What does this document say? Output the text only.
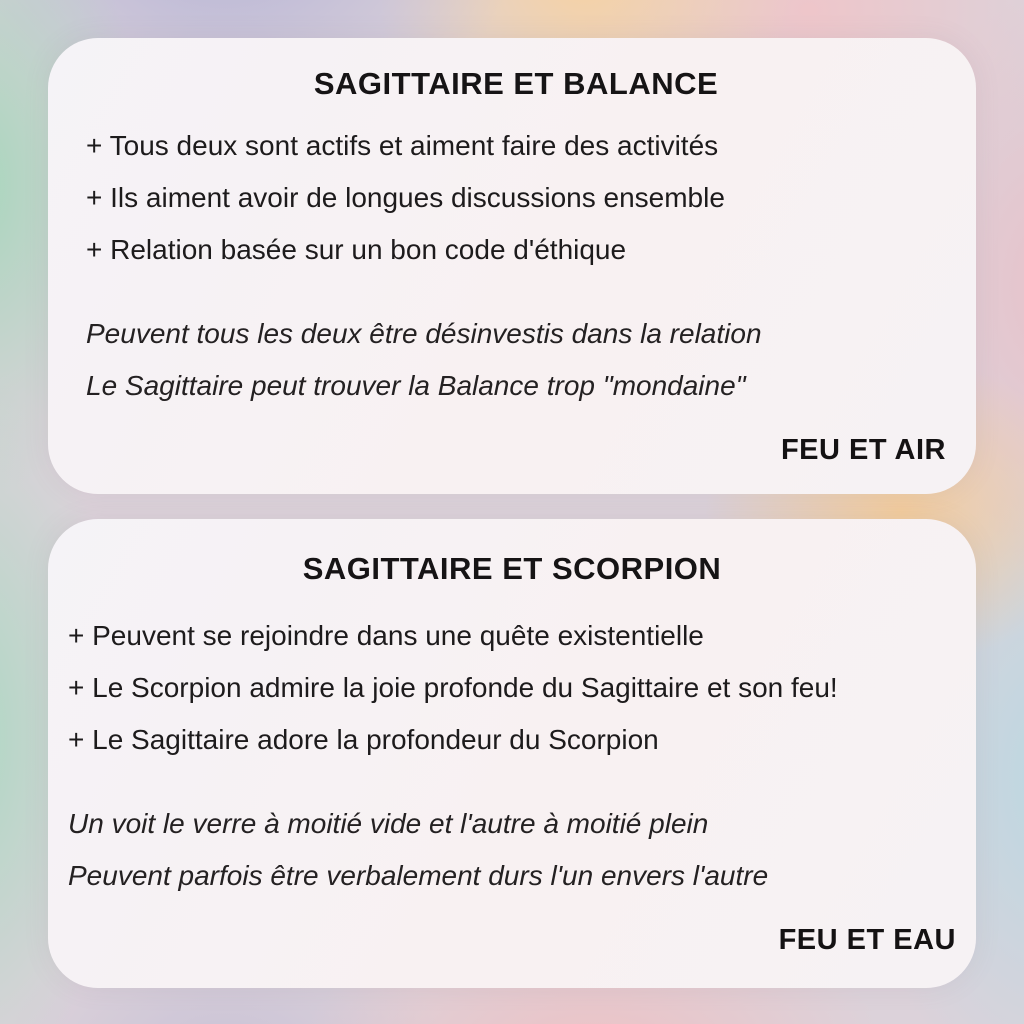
SAGITTAIRE ET BALANCE

+ Tous deux sont actifs et aiment faire des activités

+ Ils aiment avoir de longues discussions ensemble

+ Relation basée sur un bon code d'éthique

Peuvent tous les deux être désinvestis dans la relation

Le Sagittaire peut trouver la Balance trop "mondaine"

FEU ET AIR
SAGITTAIRE ET SCORPION

+ Peuvent se rejoindre dans une quête existentielle

+ Le Scorpion admire la joie profonde du Sagittaire et son feu!

+ Le Sagittaire adore la profondeur du Scorpion

Un voit le verre à moitié vide et l'autre à moitié plein

Peuvent parfois être verbalement durs l'un envers l'autre

FEU ET EAU
